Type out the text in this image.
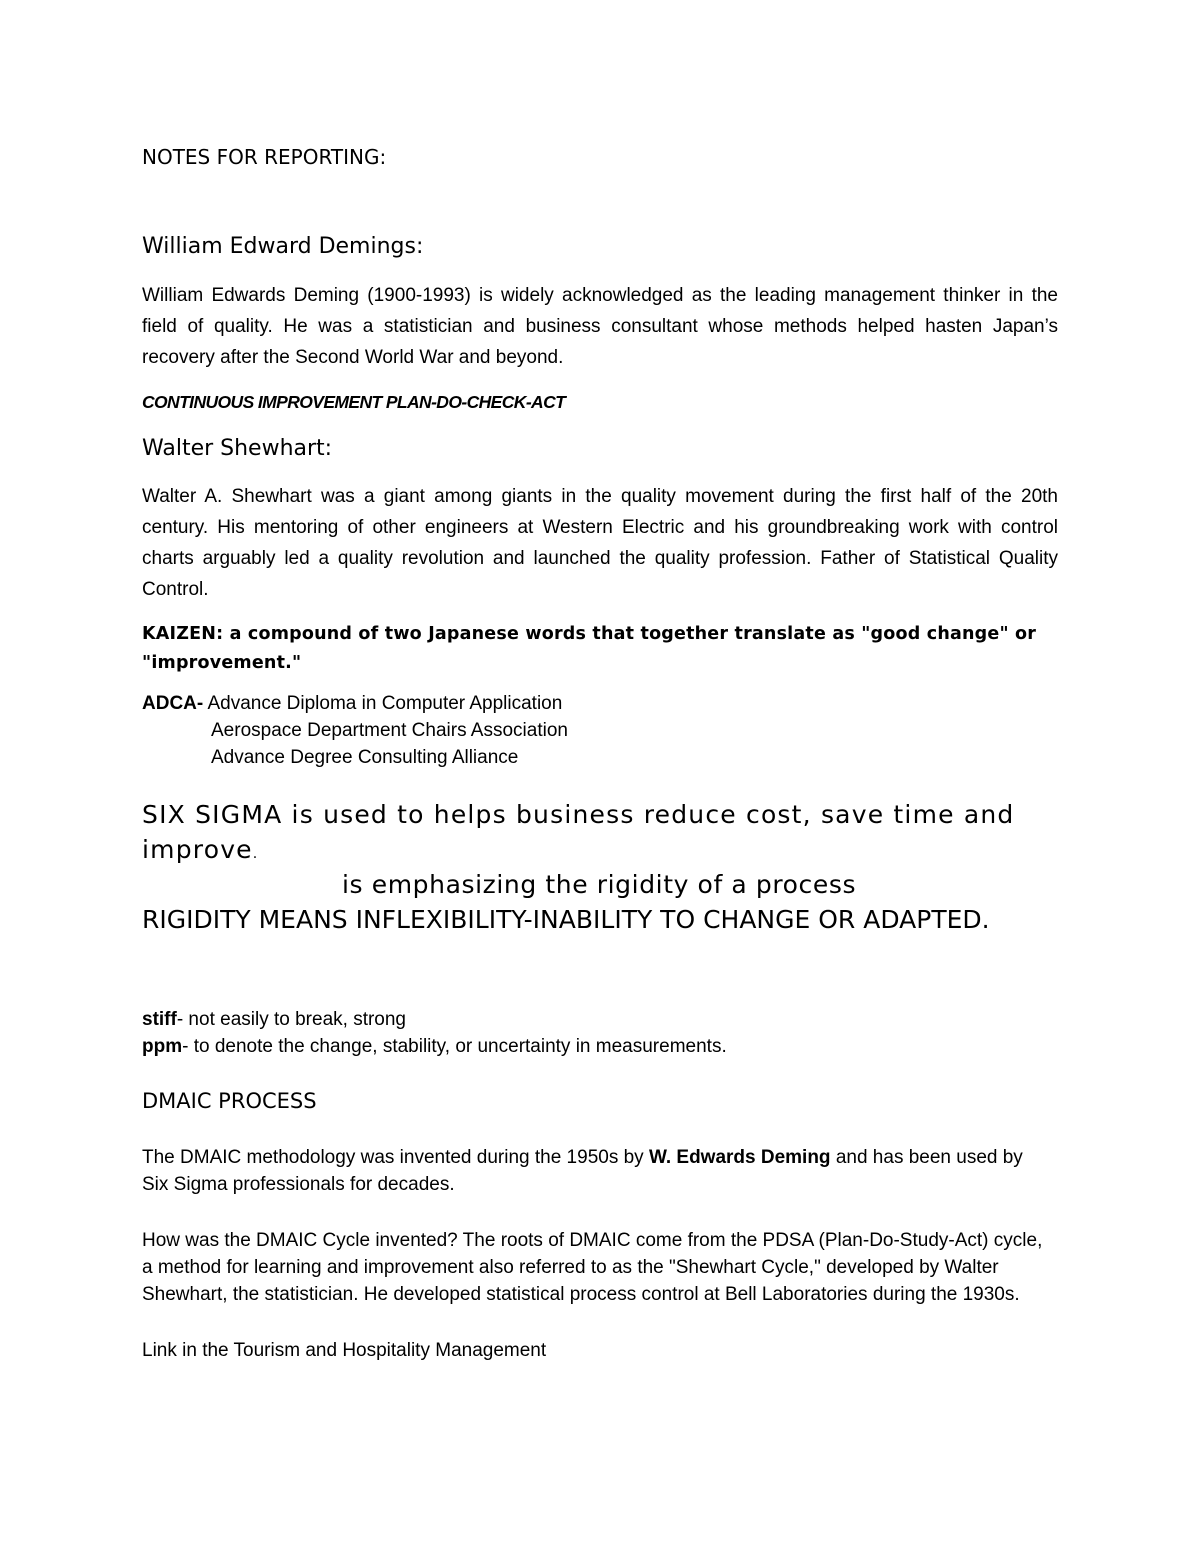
NOTES FOR REPORTING:
William Edward Demings:
William Edwards Deming (1900-1993) is widely acknowledged as the leading management thinker in the field of quality. He was a statistician and business consultant whose methods helped hasten Japan’s recovery after the Second World War and beyond.
CONTINUOUS IMPROVEMENT PLAN-DO-CHECK-ACT
Walter Shewhart:
Walter A. Shewhart was a giant among giants in the quality movement during the first half of the 20th century. His mentoring of other engineers at Western Electric and his groundbreaking work with control charts arguably led a quality revolution and launched the quality profession. Father of Statistical Quality Control.
KAIZEN: a compound of two Japanese words that together translate as "good change" or "improvement."
ADCA- Advance Diploma in Computer Application
Aerospace Department Chairs Association
Advance Degree Consulting Alliance
SIX SIGMA is used to helps business reduce cost, save time and improve.
is emphasizing the rigidity of a process
RIGIDITY MEANS INFLEXIBILITY-INABILITY TO CHANGE OR ADAPTED.
stiff- not easily to break, strong
ppm- to denote the change, stability, or uncertainty in measurements.
DMAIC PROCESS
The DMAIC methodology was invented during the 1950s by W. Edwards Deming and has been used by Six Sigma professionals for decades.
How was the DMAIC Cycle invented? The roots of DMAIC come from the PDSA (Plan-Do-Study-Act) cycle, a method for learning and improvement also referred to as the "Shewhart Cycle," developed by Walter Shewhart, the statistician. He developed statistical process control at Bell Laboratories during the 1930s.
Link in the Tourism and Hospitality Management
